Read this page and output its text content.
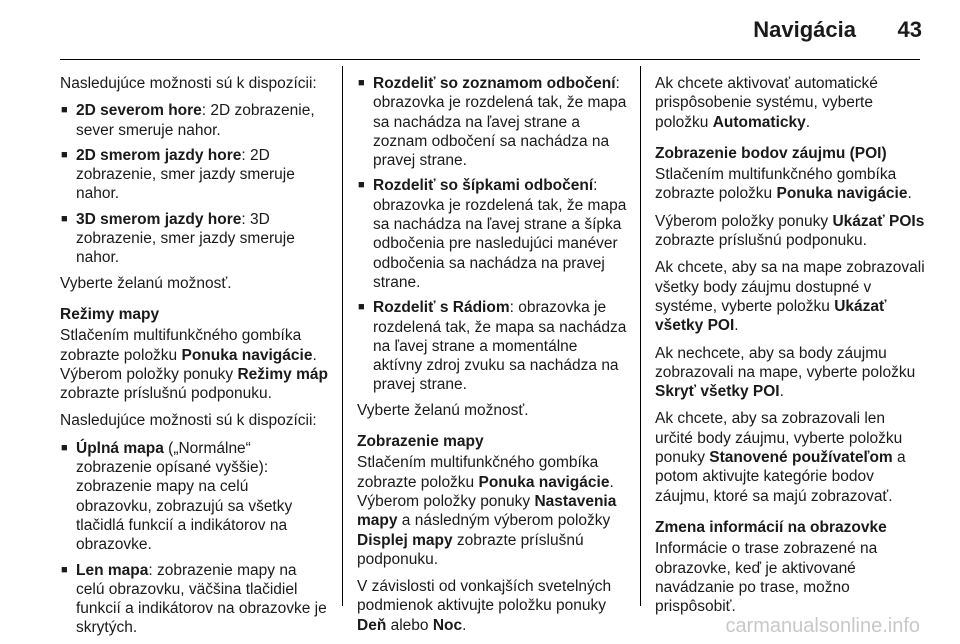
Navigácia 43

Nasledujúce možnosti sú k dispozícii:

■ 2D severom hore: 2D zobrazenie, sever smeruje nahor.
■ 2D smerom jazdy hore: 2D zobrazenie, smer jazdy smeruje nahor.
■ 3D smerom jazdy hore: 3D zobrazenie, smer jazdy smeruje nahor.

Vyberte želanú možnosť.

Režimy mapy

Stlačením multifunkčného gombíka zobrazte položku Ponuka navigácie. Výberom položky ponuky Režimy máp zobrazte príslušnú podponuku.

Nasledujúce možnosti sú k dispozícii:

■ Úplná mapa („Normálne“ zobrazenie opísané vyššie): zobrazenie mapy na celú obrazovku, zobrazujú sa všetky tlačidlá funkcií a indikátorov na obrazovke.
■ Len mapa: zobrazenie mapy na celú obrazovku, väčšina tlačidiel funkcií a indikátorov na obrazovke je skrytých.
■ Rozdeliť so zoznamom odbočení: obrazovka je rozdelená tak, že mapa sa nachádza na ľavej strane a zoznam odbočení sa nachádza na pravej strane.
■ Rozdeliť so šípkami odbočení: obrazovka je rozdelená tak, že mapa sa nachádza na ľavej strane a šípka odbočenia pre nasledujúci manéver odbočenia sa nachádza na pravej strane.
■ Rozdeliť s Rádiom: obrazovka je rozdelená tak, že mapa sa nachádza na ľavej strane a momentálne aktívny zdroj zvuku sa nachádza na pravej strane.

Vyberte želanú možnosť.

Zobrazenie mapy

Stlačením multifunkčného gombíka zobrazte položku Ponuka navigácie. Výberom položky ponuky Nastavenia mapy a následným výberom položky Displej mapy zobrazte príslušnú podponuku.

V závislosti od vonkajších svetelných podmienok aktivujte položku ponuky Deň alebo Noc.

Ak chcete aktivovať automatické prispôsobenie systému, vyberte položku Automaticky.

Zobrazenie bodov záujmu (POI)

Stlačením multifunkčného gombíka zobrazte položku Ponuka navigácie.

Výberom položky ponuky Ukázať POIs zobrazte príslušnú podponuku.

Ak chcete, aby sa na mape zobrazovali všetky body záujmu dostupné v systéme, vyberte položku Ukázať všetky POI.

Ak nechcete, aby sa body záujmu zobrazovali na mape, vyberte položku Skryť všetky POI.

Ak chcete, aby sa zobrazovali len určité body záujmu, vyberte položku ponuky Stanovené používateľom a potom aktivujte kategórie bodov záujmu, ktoré sa majú zobrazovať.

Zmena informácií na obrazovke

Informácie o trase zobrazené na obrazovke, keď je aktivované navádzanie po trase, možno prispôsobiť.

carmanualsonline.info
